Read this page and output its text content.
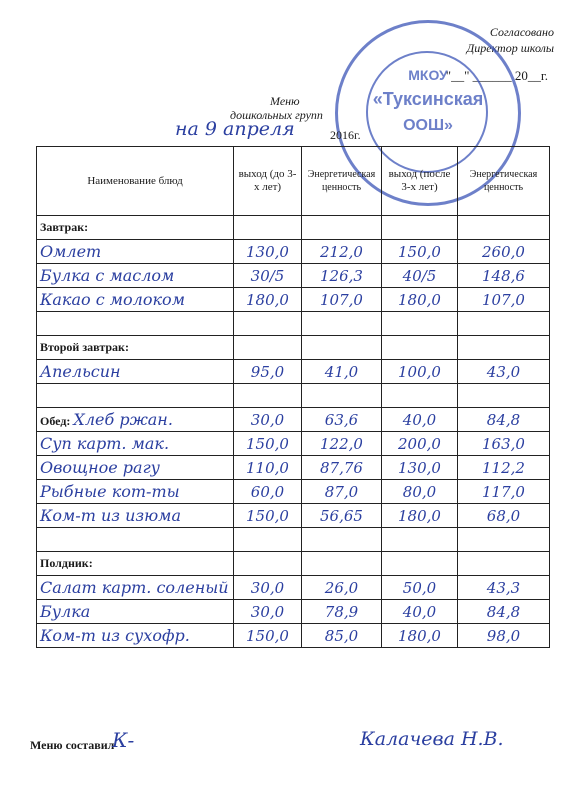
Согласовано
Директор школы
"__" ______ 20__г.
МКОУ
«Туксинская
ООШ»
Меню
дошкольных групп
на 9 апреля	2016г.
Наименование блюд	выход (до 3-х лет)	Энергетическая ценность	выход (после 3-х лет)	Энергетическая ценность
Завтрак:				
Омлет	130,0	212,0	150,0	260,0
Булка с маслом	30/5	126,3	40/5	148,6
Какао с молоком	180,0	107,0	180,0	107,0

Второй завтрак:				
Апельсин	95,0	41,0	100,0	43,0

Обед: Хлеб ржан.	30,0	63,6	40,0	84,8
Суп карт. мак.	150,0	122,0	200,0	163,0
Овощное рагу	110,0	87,76	130,0	112,2
Рыбные кот-ты	60,0	87,0	80,0	117,0
Ком-т из изюма	150,0	56,65	180,0	68,0

Полдник:				
Салат карт. соленый	30,0	26,0	50,0	43,3
Булка	30,0	78,9	40,0	84,8
Ком-т из сухофр.	150,0	85,0	180,0	98,0
Меню составил
К-	Калачева Н.В.
